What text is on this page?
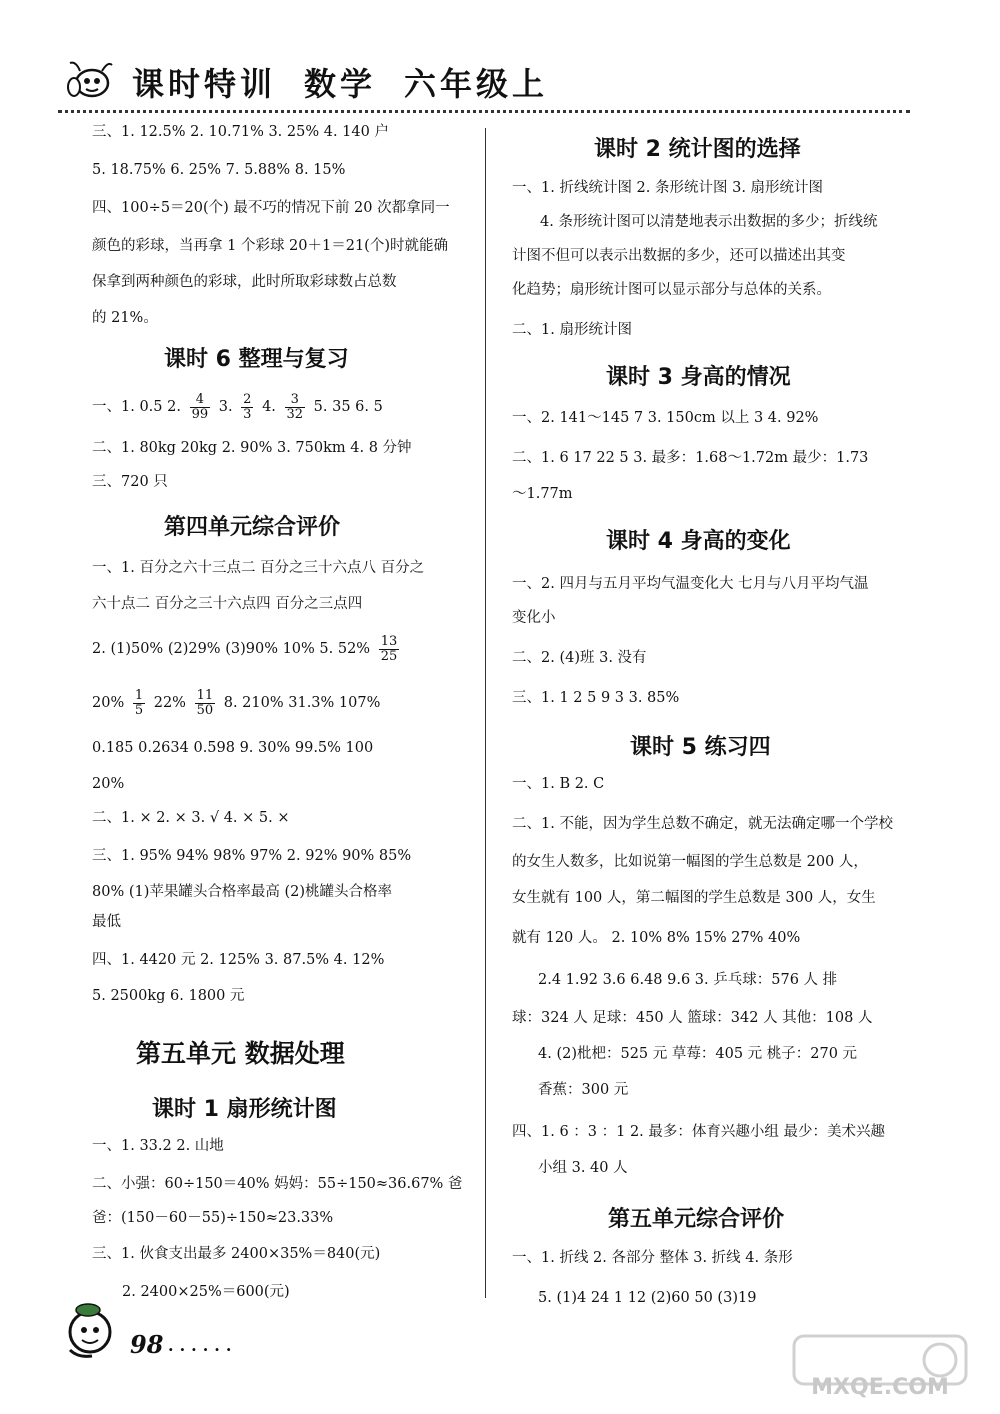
课时特训 数学 六年级上
三、1. 12.5% 2. 10.71% 3. 25% 4. 140 户
5. 18.75% 6. 25% 7. 5.88% 8. 15%
四、100÷5＝20(个) 最不巧的情况下前 20 次都拿同一
颜色的彩球，当再拿 1 个彩球 20＋1＝21(个)时就能确
保拿到两种颜色的彩球，此时所取彩球数占总数
的 21%。
课时 6 整理与复习
一、1. 0.5 2. $\frac{4}{99} 3$. $\frac{2}{3} 4$. $\frac{3}{32} 5$. 35 6. 5
二、1. 80kg 20kg 2. 90% 3. 750km 4. 8 分钟
三、720 只
第四单元综合评价
一、1. 百分之六十三点二 百分之三十六点八 百分之
六十点二 百分之三十六点四 百分之三点四
2. (1)50% (2)29% (3)90% 10% 5. $52\% \frac{13}{25}$
$20\% \frac{1}{5} 22\% \frac{11}{50} 8$. 210% 31.3% 107%
0.185 0.2634 0.598 9. 30% 99.5% 100
20%
二、1. × 2. × 3. √ 4. × 5. ×
三、1. 95% 94% 98% 97% 2. 92% 90% 85%
80% (1)苹果罐头合格率最高 (2)桃罐头合格率
最低
四、1. 4420 元 2. 125% 3. 87.5% 4. 12%
5. 2500kg 6. 1800 元
第五单元 数据处理
课时 1 扇形统计图
一、1. 33.2 2. 山地
二、小强：60÷150＝40% 妈妈：55÷150≈36.67% 爸
爸：(150－60－55)÷150≈23.33%
三、1. 伙食支出最多 2400×35%＝840(元)
2. 2400×25%＝600(元)
课时 2 统计图的选择
一、1. 折线统计图 2. 条形统计图 3. 扇形统计图
4. 条形统计图可以清楚地表示出数据的多少；折线统
计图不但可以表示出数据的多少，还可以描述出其变
化趋势；扇形统计图可以显示部分与总体的关系。
二、1. 扇形统计图
课时 3 身高的情况
一、2. 141～145 7 3. 150cm 以上 3 4. 92%
二、1. 6 17 22 5 3. 最多：1.68～1.72m 最少：1.73
～1.77m
课时 4 身高的变化
一、2. 四月与五月平均气温变化大 七月与八月平均气温
变化小
二、2. (4)班 3. 没有
三、1. 1 2 5 9 3 3. 85%
课时 5 练习四
一、1. B 2. C
二、1. 不能，因为学生总数不确定，就无法确定哪一个学校
的女生人数多，比如说第一幅图的学生总数是 200 人，
女生就有 100 人，第二幅图的学生总数是 300 人，女生
就有 120 人。 2. 10% 8% 15% 27% 40%
2.4 1.92 3.6 6.48 9.6 3. 乒乓球：576 人 排
球：324 人 足球：450 人 篮球：342 人 其他：108 人
4. (2)枇杷：525 元 草莓：405 元 桃子：270 元
香蕉：300 元
四、1. 6 ：3 ：1 2. 最多：体育兴趣小组 最少：美术兴趣
小组 3. 40 人
第五单元综合评价
一、1. 折线 2. 各部分 整体 3. 折线 4. 条形
5. (1)4 24 1 12 (2)60 50 (3)19
98 ......
MXQE.COM
